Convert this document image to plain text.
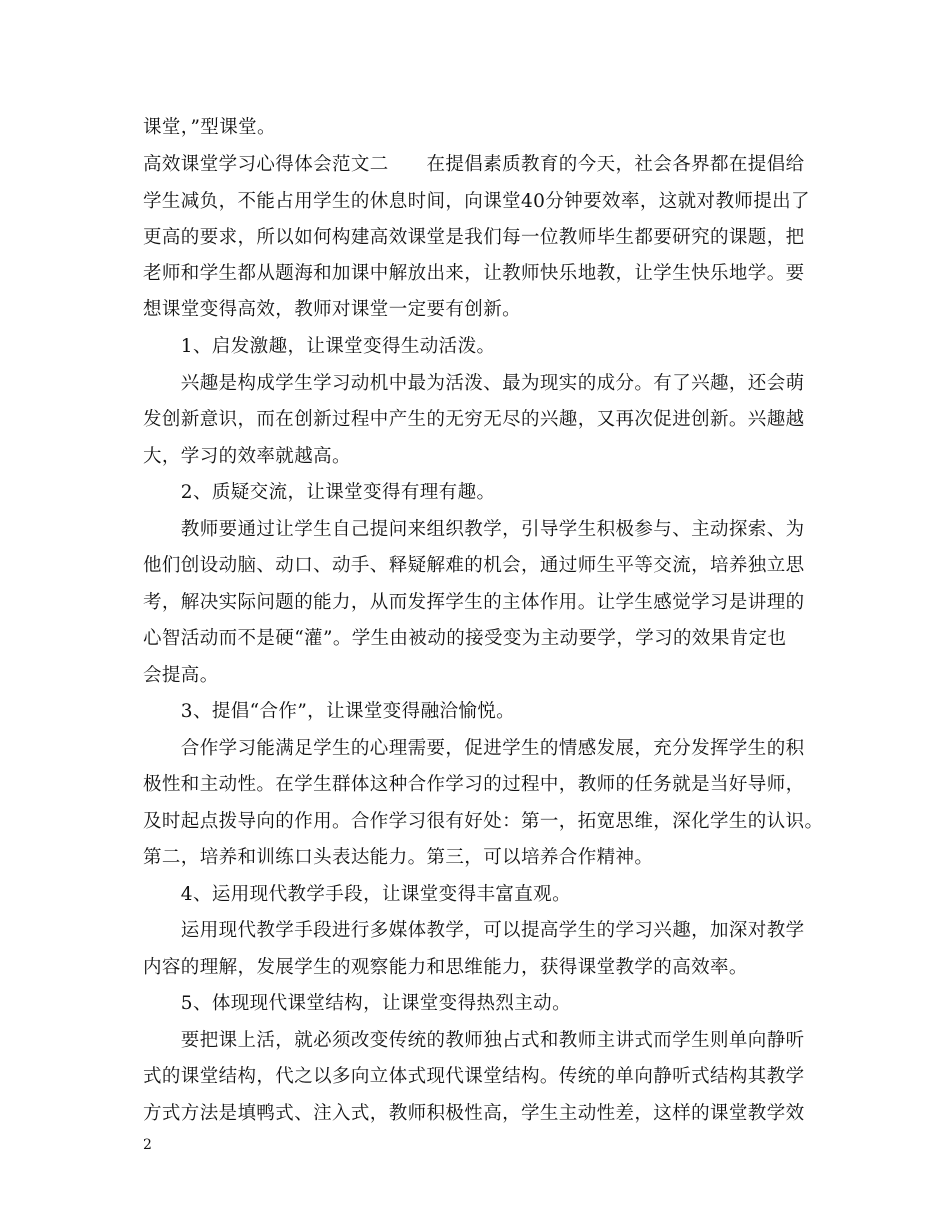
课堂，”型课堂。
高效课堂学习心得体会范文二　　在提倡素质教育的今天，社会各界都在提倡给
学生减负，不能占用学生的休息时间，向课堂40分钟要效率，这就对教师提出了
更高的要求，所以如何构建高效课堂是我们每一位教师毕生都要研究的课题，把
老师和学生都从题海和加课中解放出来，让教师快乐地教，让学生快乐地学。要
想课堂变得高效，教师对课堂一定要有创新。
　　1、启发激趣，让课堂变得生动活泼。
　　兴趣是构成学生学习动机中最为活泼、最为现实的成分。有了兴趣，还会萌
发创新意识，而在创新过程中产生的无穷无尽的兴趣，又再次促进创新。兴趣越
大，学习的效率就越高。
　　2、质疑交流，让课堂变得有理有趣。
　　教师要通过让学生自己提问来组织教学，引导学生积极参与、主动探索、为
他们创设动脑、动口、动手、释疑解难的机会，通过师生平等交流，培养独立思
考，解决实际问题的能力，从而发挥学生的主体作用。让学生感觉学习是讲理的
心智活动而不是硬“灌”。学生由被动的接受变为主动要学，学习的效果肯定也
会提高。
　　3、提倡“合作”，让课堂变得融洽愉悦。
　　合作学习能满足学生的心理需要，促进学生的情感发展，充分发挥学生的积
极性和主动性。在学生群体这种合作学习的过程中，教师的任务就是当好导师，
及时起点拨导向的作用。合作学习很有好处：第一，拓宽思维，深化学生的认识。
第二，培养和训练口头表达能力。第三，可以培养合作精神。
　　4、运用现代教学手段，让课堂变得丰富直观。
　　运用现代教学手段进行多媒体教学，可以提高学生的学习兴趣，加深对教学
内容的理解，发展学生的观察能力和思维能力，获得课堂教学的高效率。
　　5、体现现代课堂结构，让课堂变得热烈主动。
　　要把课上活，就必须改变传统的教师独占式和教师主讲式而学生则单向静听
式的课堂结构，代之以多向立体式现代课堂结构。传统的单向静听式结构其教学
方式方法是填鸭式、注入式，教师积极性高，学生主动性差，这样的课堂教学效
2
